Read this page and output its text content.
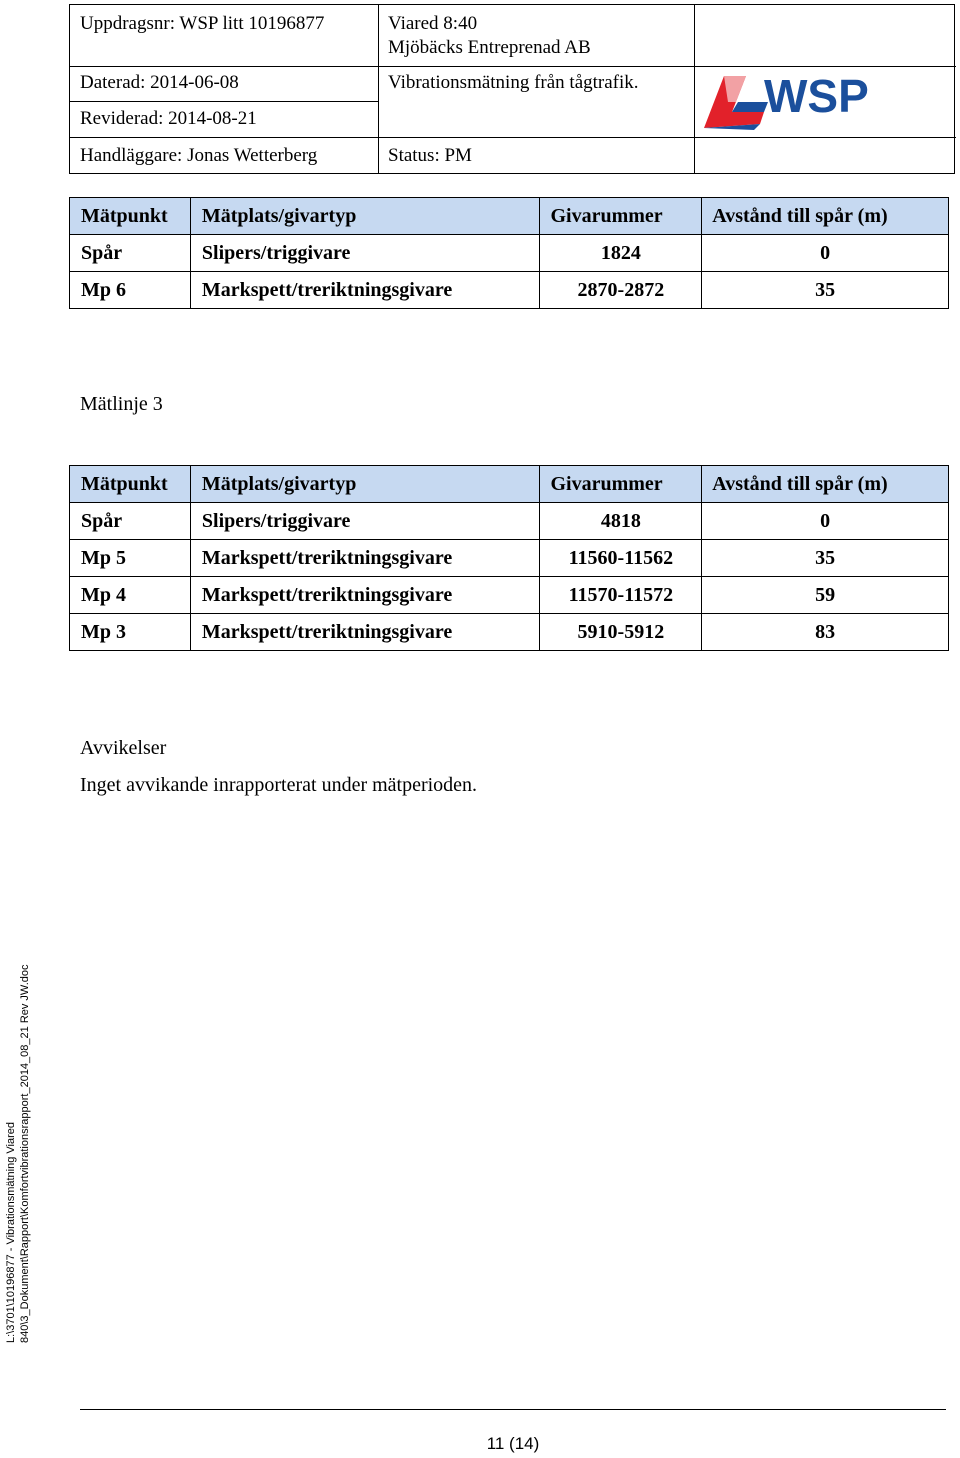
Uppdragsnr: WSP litt 10196877
Daterad: 2014-06-08
Reviderad: 2014-08-21
Handläggare: Jonas Wetterberg
Viared 8:40
Mjöbäcks Entreprenad AB
Vibrationsmätning från tågtrafik.
Status: PM
WSP
Mätpunkt	Mätplats/givartyp	Givarummer	Avstånd till spår (m)
Spår	Slipers/triggivare	1824	0
Mp 6	Markspett/treriktningsgivare	2870-2872	35
Mätlinje 3
Mätpunkt	Mätplats/givartyp	Givarummer	Avstånd till spår (m)
Spår	Slipers/triggivare	4818	0
Mp 5	Markspett/treriktningsgivare	11560-11562	35
Mp 4	Markspett/treriktningsgivare	11570-11572	59
Mp 3	Markspett/treriktningsgivare	5910-5912	83
Avvikelser
Inget avvikande inrapporterat under mätperioden.
L:\3701\10196877 - Vibrationsmätning Viared 840\3_Dokument\Rapport\Komfortvibrationsrapport_2014_08_21 Rev JW.doc
11 (14)
